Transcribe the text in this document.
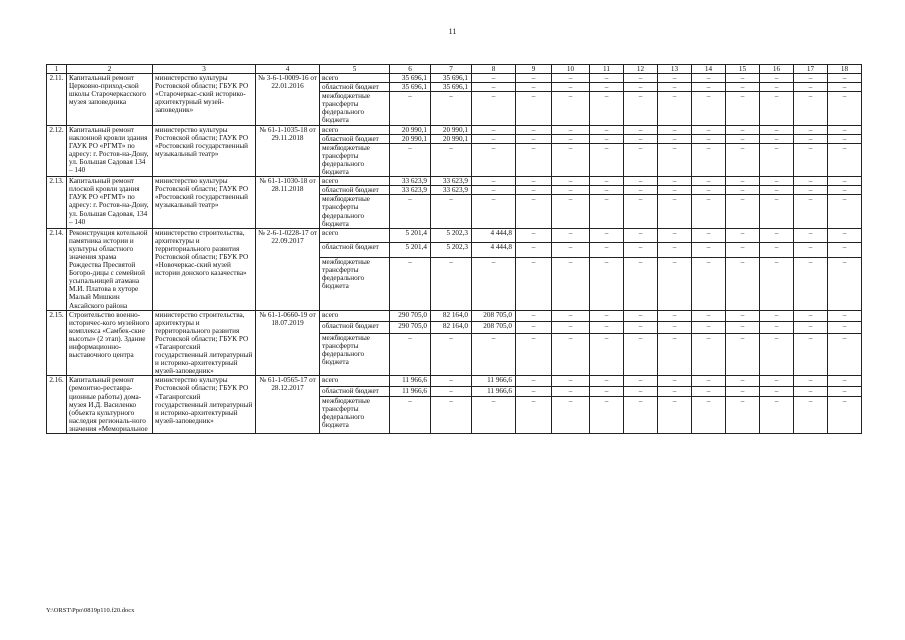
11
1	2	3	4	5	6	7	8	9	10	11	12	13	14	15	16	17	18
2.11.	Капитальный ремонт Церковно-приход-ской школы Старочеркасского музея заповедника	министерство культуры Ростовской области; ГБУК РО «Старочеркас-ский историко-архитектурный музей-заповедник»	№ 3-6-1-0009-16 от 22.01.2016	всего	35 696,1	35 696,1	–	–	–	–	–	–	–	–	–	–	–
				областной бюджет	35 696,1	35 696,1	–	–	–	–	–	–	–	–	–	–	–
				межбюджетные трансферты федерального бюджета	–	–	–	–	–	–	–	–	–	–	–	–	–
2.12.	Капитальный ремонт наклонной кровли здания ГАУК РО «РГМТ» по адресу: г. Ростов-на-Дону, ул. Большая Садовая 134 – 140	министерство культуры Ростовской области; ГАУК РО «Ростовский государственный музыкальный театр»	№ 61-1-1035-18 от 29.11.2018	всего	20 990,1	20 990,1	–	–	–	–	–	–	–	–	–	–	–
				областной бюджет	20 990,1	20 990,1	–	–	–	–	–	–	–	–	–	–	–
				межбюджетные трансферты федерального бюджета	–	–	–	–	–	–	–	–	–	–	–	–	–
2.13.	Капитальный ремонт плоской кровли здания ГАУК РО «РГМТ» по адресу: г. Ростов-на-Дону, ул. Большая Садовая, 134 – 140	министерство культуры Ростовской области; ГАУК РО «Ростовский государственный музыкальный театр»	№ 61-1-1030-18 от 28.11.2018	всего	33 623,9	33 623,9	–	–	–	–	–	–	–	–	–	–	–
				областной бюджет	33 623,9	33 623,9	–	–	–	–	–	–	–	–	–	–	–
				межбюджетные трансферты федерального бюджета	–	–	–	–	–	–	–	–	–	–	–	–	–
2.14.	Реконструкция котельной памятника истории и культуры областного значения храма Рождества Пресвятой Богоро-дицы с семейной усыпальницей атамана М.И. Платова в хуторе Малый Мишкин Аксайского района	министерство строительства, архитектуры и территориального развития Ростовской области; ГБУК РО «Новочеркас-ский музей истории донского казачества»	№ 2-6-1-0228-17 от 22.09.2017	всего	5 201,4	5 202,3	4 444,8	–	–	–	–	–	–	–	–	–	–
				областной бюджет	5 201,4	5 202,3	4 444,8	–	–	–	–	–	–	–	–	–	–
				межбюджетные трансферты федерального бюджета	–	–	–	–	–	–	–	–	–	–	–	–	–
2.15.	Строительство военно-историчес-кого музейного комплекса «Самбек-ские высоты» (2 этап). Здание информационно-выставочного центра	министерство строительства, архитектуры и территориального развития Ростовской области; ГБУК РО «Таганрогский государственный литературный и историко-архитектурный музей-заповедник»	№ 61-1-0660-19 от 18.07.2019	всего	290 705,0	82 164,0	208 705,0	–	–	–	–	–	–	–	–	–	–
				областной бюджет	290 705,0	82 164,0	208 705,0	–	–	–	–	–	–	–	–	–	–
				межбюджетные трансферты федерального бюджета	–	–	–	–	–	–	–	–	–	–	–	–	–
2.16.	Капитальный ремонт (ремонтно-реставра-ционные работы) дома-музея И.Д. Василенко (объекта культурного наследия региональ-ного значения «Мемориальное	министерство культуры Ростовской области; ГБУК РО «Таганрогский государственный литературный и историко-архитектурный музей-заповедник»	№ 61-1-0565-17 от 28.12.2017	всего	11 966,6	–	11 966,6	–	–	–	–	–	–	–	–	–	–
				областной бюджет	11 966,6	–	11 966,6	–	–	–	–	–	–	–	–	–	–
				межбюджетные трансферты федерального бюджета	–	–	–	–	–	–	–	–	–	–	–	–	–
Y:\ORST\Ppo\0819p110.f20.docx
